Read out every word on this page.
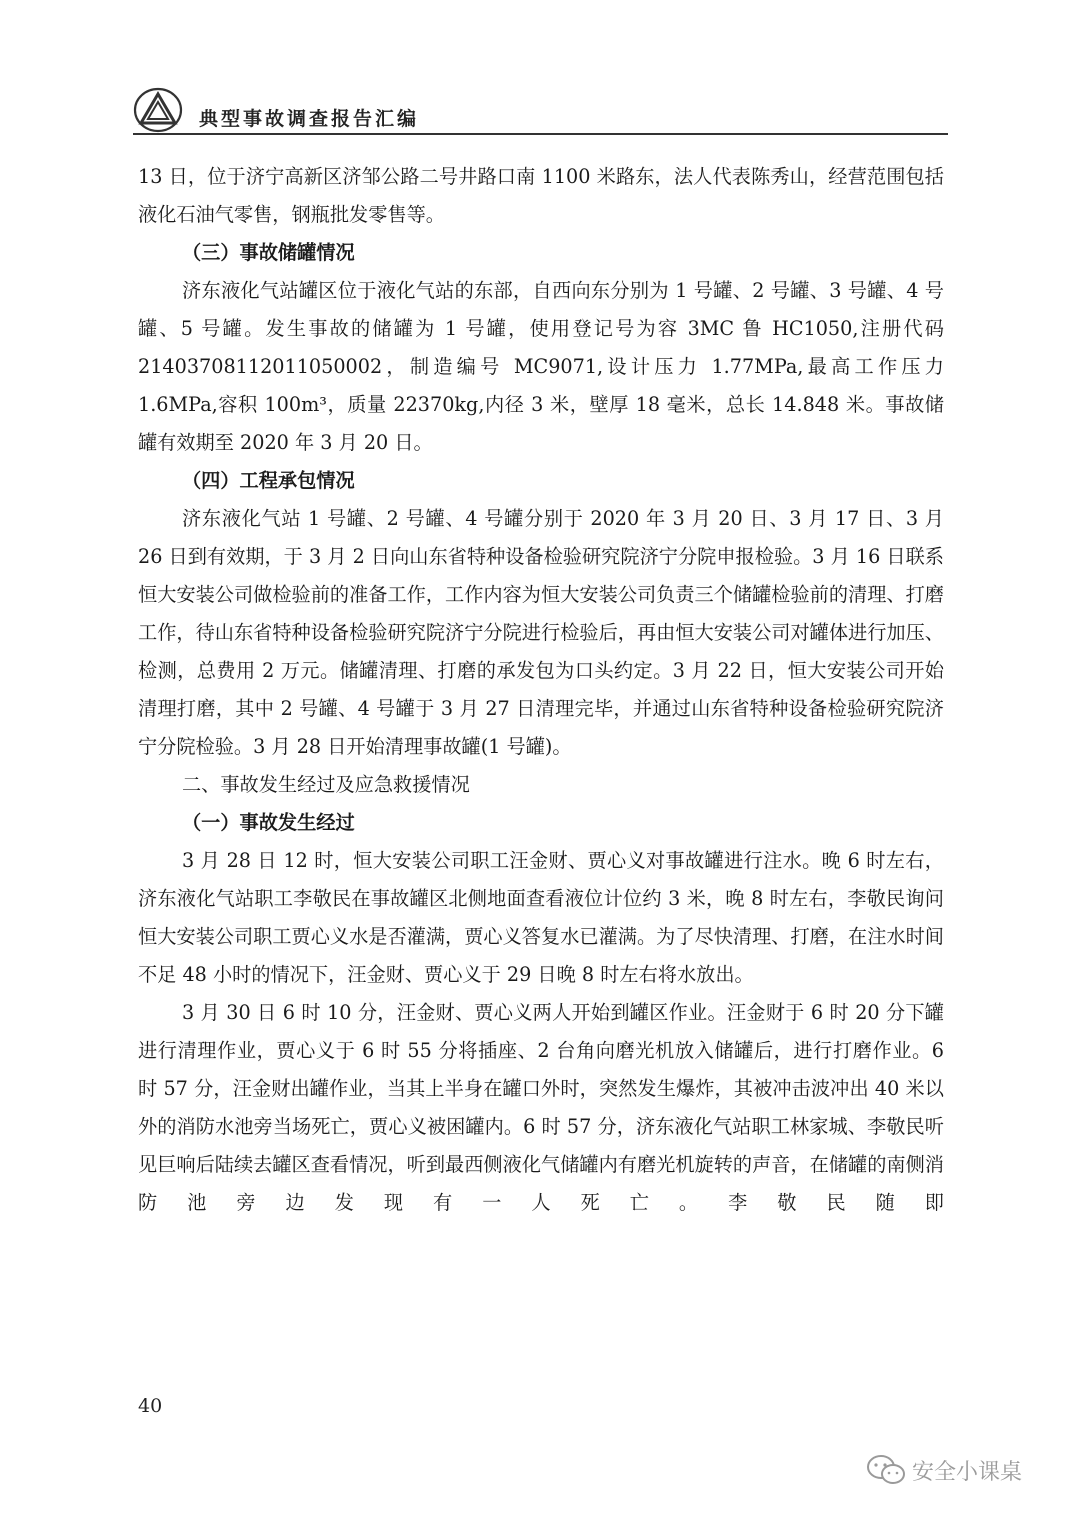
典型事故调查报告汇编

13 日，位于济宁高新区济邹公路二号井路口南 1100 米路东，法人代表陈秀山，经营范围包括液化石油气零售，钢瓶批发零售等。

（三）事故储罐情况

济东液化气站罐区位于液化气站的东部，自西向东分别为 1 号罐、2 号罐、3 号罐、4 号罐、5 号罐。发生事故的储罐为 1 号罐，使用登记号为容 3MC 鲁 HC1050,注册代码 21403708112011050002，制造编号 MC9071,设计压力 1.77MPa,最高工作压力 1.6MPa,容积 100m³，质量 22370kg,内径 3 米，壁厚 18 毫米，总长 14.848 米。事故储罐有效期至 2020 年 3 月 20 日。

（四）工程承包情况

济东液化气站 1 号罐、2 号罐、4 号罐分别于 2020 年 3 月 20 日、3 月 17 日、3 月 26 日到有效期，于 3 月 2 日向山东省特种设备检验研究院济宁分院申报检验。3 月 16 日联系恒大安装公司做检验前的准备工作，工作内容为恒大安装公司负责三个储罐检验前的清理、打磨工作，待山东省特种设备检验研究院济宁分院进行检验后，再由恒大安装公司对罐体进行加压、检测，总费用 2 万元。储罐清理、打磨的承发包为口头约定。3 月 22 日，恒大安装公司开始清理打磨，其中 2 号罐、4 号罐于 3 月 27 日清理完毕，并通过山东省特种设备检验研究院济宁分院检验。3 月 28 日开始清理事故罐(1 号罐)。

二、事故发生经过及应急救援情况

（一）事故发生经过

3 月 28 日 12 时，恒大安装公司职工汪金财、贾心义对事故罐进行注水。晚 6 时左右，济东液化气站职工李敬民在事故罐区北侧地面查看液位计位约 3 米，晚 8 时左右，李敬民询问恒大安装公司职工贾心义水是否灌满，贾心义答复水已灌满。为了尽快清理、打磨，在注水时间不足 48 小时的情况下，汪金财、贾心义于 29 日晚 8 时左右将水放出。

3 月 30 日 6 时 10 分，汪金财、贾心义两人开始到罐区作业。汪金财于 6 时 20 分下罐进行清理作业，贾心义于 6 时 55 分将插座、2 台角向磨光机放入储罐后，进行打磨作业。6 时 57 分，汪金财出罐作业，当其上半身在罐口外时，突然发生爆炸，其被冲击波冲出 40 米以外的消防水池旁当场死亡，贾心义被困罐内。6 时 57 分，济东液化气站职工林家城、李敬民听见巨响后陆续去罐区查看情况，听到最西侧液化气储罐内有磨光机旋转的声音，在储罐的南侧消防池旁边发现有一人死亡。李敬民随即

40
安全小课桌
